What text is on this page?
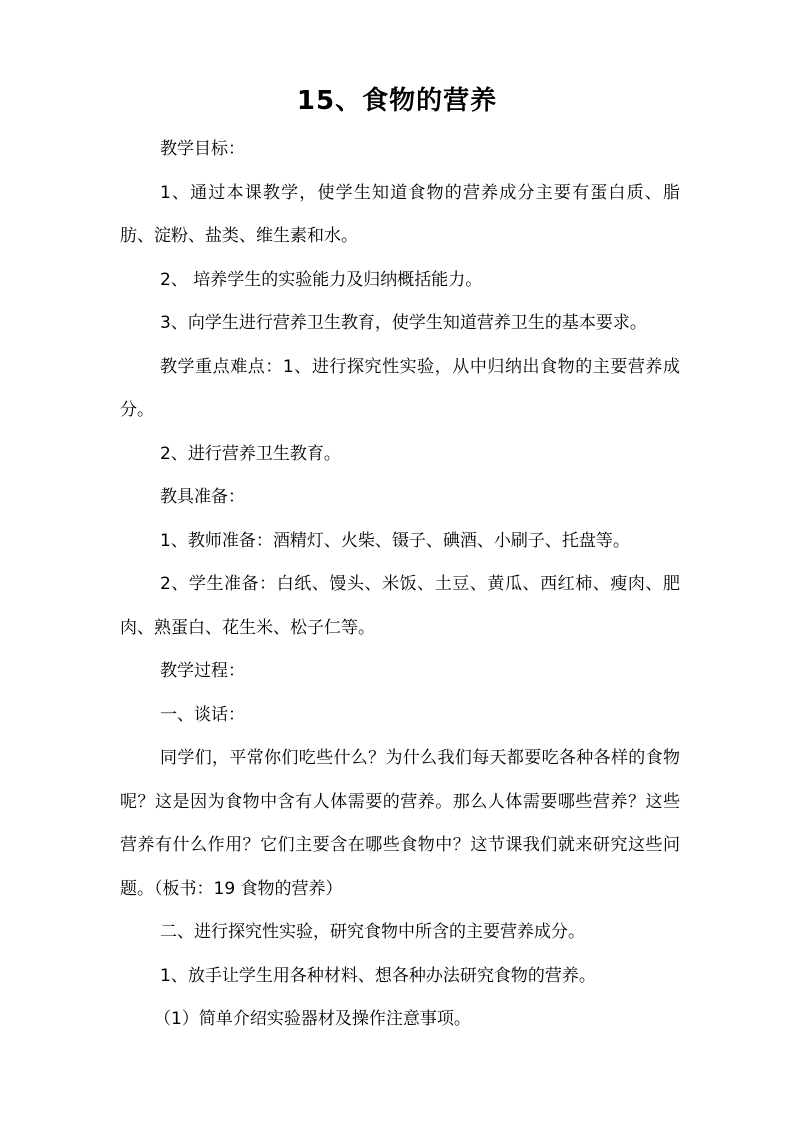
15、食物的营养

教学目标：

1、通过本课教学，使学生知道食物的营养成分主要有蛋白质、脂肪、淀粉、盐类、维生素和水。

2、 培养学生的实验能力及归纳概括能力。

3、向学生进行营养卫生教育，使学生知道营养卫生的基本要求。

教学重点难点：1、进行探究性实验，从中归纳出食物的主要营养成分。

2、进行营养卫生教育。

教具准备：

1、教师准备：酒精灯、火柴、镊子、碘酒、小刷子、托盘等。

2、学生准备：白纸、馒头、米饭、土豆、黄瓜、西红柿、瘦肉、肥肉、熟蛋白、花生米、松子仁等。

教学过程：

一、谈话：

同学们，平常你们吃些什么？为什么我们每天都要吃各种各样的食物呢？这是因为食物中含有人体需要的营养。那么人体需要哪些营养？这些营养有什么作用？它们主要含在哪些食物中？这节课我们就来研究这些问题。（板书：19 食物的营养）

二、进行探究性实验，研究食物中所含的主要营养成分。

1、放手让学生用各种材料、想各种办法研究食物的营养。

（1）简单介绍实验器材及操作注意事项。
